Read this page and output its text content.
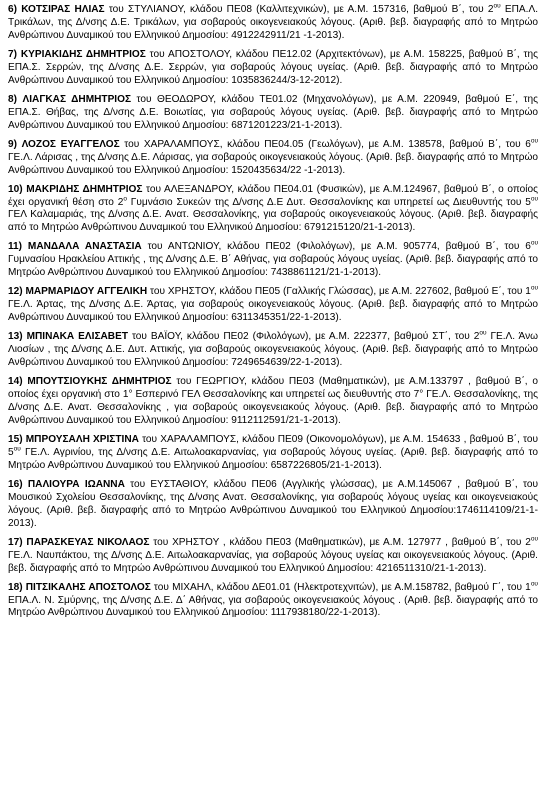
6) ΚΟΤΣΙΡΑΣ ΗΛΙΑΣ του ΣΤΥΛΙΑΝΟΥ, κλάδου ΠΕ08 (Καλλιτεχνικών), με Α.Μ. 157316, βαθμού Β΄, του $2^{o\upsilon}$ ΕΠΑ.Λ. Τρικάλων, της Δ/νσης Δ.Ε. Τρικάλων, για σοβαρούς οικογενειακούς λόγους. (Αριθ. βεβ. διαγραφής από το Μητρώο Ανθρώπινου Δυναμικού του Ελληνικού Δημοσίου: 4912242911/21 -1-2013).

7) ΚΥΡΙΑΚΙΔΗΣ ΔΗΜΗΤΡΙΟΣ του ΑΠΟΣΤΟΛΟΥ, κλάδου ΠΕ12.02 (Αρχιτεκτόνων), με Α.Μ. 158225, βαθμού Β΄, της ΕΠΑ.Σ. Σερρών, της Δ/νσης Δ.Ε. Σερρών, για σοβαρούς λόγους υγείας. (Αριθ. βεβ. διαγραφής από το Μητρώο Ανθρώπινου Δυναμικού του Ελληνικού Δημοσίου: 1035836244/3-12-2012).

8) ΛΙΑΓΚΑΣ ΔΗΜΗΤΡΙΟΣ του ΘΕΟΔΩΡΟΥ, κλάδου ΤΕ01.02 (Μηχανολόγων), με Α.Μ. 220949, βαθμού Ε΄, της ΕΠΑ.Σ. Θήβας, της Δ/νσης Δ.Ε. Βοιωτίας, για σοβαρούς λόγους υγείας. (Αριθ. βεβ. διαγραφής από το Μητρώο Ανθρώπινου Δυναμικού του Ελληνικού Δημοσίου: 6871201223/21-1-2013).

9) ΛΟΖΟΣ ΕΥΑΓΓΕΛΟΣ του ΧΑΡΑΛΑΜΠΟΥΣ, κλάδου ΠΕ04.05 (Γεωλόγων), με Α.Μ. 138578, βαθμού Β΄, του $6^{o\upsilon}$ ΓΕ.Λ. Λάρισας , της Δ/νσης Δ.Ε. Λάρισας, για σοβαρούς οικογενειακούς λόγους. (Αριθ. βεβ. διαγραφής από το Μητρώο Ανθρώπινου Δυναμικού του Ελληνικού Δημοσίου: 1520435634/22 -1-2013).

10) ΜΑΚΡΙΔΗΣ ΔΗΜΗΤΡΙΟΣ του ΑΛΕΞΑΝΔΡΟΥ, κλάδου ΠΕ04.01 (Φυσικών), με Α.Μ.124967, βαθμού Β΄, ο οποίος έχει οργανική θέση στο $2^o$ Γυμνάσιο Συκεών της Δ/νσης Δ.Ε Δυτ. Θεσσαλονίκης και υπηρετεί ως Διευθυντής του $5^{o\upsilon}$ ΓΕΛ Καλαμαριάς, της Δ/νσης Δ.Ε. Ανατ. Θεσσαλονίκης, για σοβαρούς οικογενειακούς λόγους. (Αριθ. βεβ. διαγραφής από το Μητρώο Ανθρώπινου Δυναμικού του Ελληνικού Δημοσίου: 6791215120/21-1-2013).

11) ΜΑΝΔΑΛΑ ΑΝΑΣΤΑΣΙΑ του ΑΝΤΩΝΙΟΥ, κλάδου ΠΕ02 (Φιλολόγων), με Α.Μ. 905774, βαθμού Β΄, του $6^{o\upsilon}$ Γυμνασίου Ηρακλείου Αττικής , της Δ/νσης Δ.Ε. Β΄ Αθήνας, για σοβαρούς λόγους υγείας. (Αριθ. βεβ. διαγραφής από το Μητρώο Ανθρώπινου Δυναμικού του Ελληνικού Δημοσίου: 7438861121/21-1-2013).

12) ΜΑΡΜΑΡΙΔΟΥ ΑΓΓΕΛΙΚΗ του ΧΡΗΣΤΟΥ, κλάδου ΠΕ05 (Γαλλικής Γλώσσας), με Α.Μ. 227602, βαθμού Ε΄, του $1^{o\upsilon}$ ΓΕ.Λ. Άρτας, της Δ/νσης Δ.Ε. Άρτας, για σοβαρούς οικογενειακούς λόγους. (Αριθ. βεβ. διαγραφής από το Μητρώο Ανθρώπινου Δυναμικού του Ελληνικού Δημοσίου: 6311345351/22-1-2013).

13) ΜΠΙΝΑΚΑ ΕΛΙΣΑΒΕΤ του ΒΑΪΟΥ, κλάδου ΠΕ02 (Φιλολόγων), με Α.Μ. 222377, βαθμού ΣΤ΄, του $2^{o\upsilon}$ ΓΕ.Λ. Άνω Λιοσίων , της Δ/νσης Δ.Ε. Δυτ. Αττικής, για σοβαρούς οικογενειακούς λόγους. (Αριθ. βεβ. διαγραφής από το Μητρώο Ανθρώπινου Δυναμικού του Ελληνικού Δημοσίου: 7249654639/22-1-2013).

14) ΜΠΟΥΤΣΙΟΥΚΗΣ ΔΗΜΗΤΡΙΟΣ του ΓΕΩΡΓΙΟΥ, κλάδου ΠΕ03 (Μαθηματικών), με Α.Μ.133797 , βαθμού Β΄, ο οποίος έχει οργανική στο 1° Εσπερινό ΓΕΛ Θεσσαλονίκης και υπηρετεί ως διευθυντής στο 7° ΓΕ.Λ. Θεσσαλονίκης, της Δ/νσης Δ.Ε. Ανατ. Θεσσαλονίκης , για σοβαρούς οικογενειακούς λόγους. (Αριθ. βεβ. διαγραφής από το Μητρώο Ανθρώπινου Δυναμικού του Ελληνικού Δημοσίου: 9112112591/21-1-2013).

15) ΜΠΡΟΥΣΑΛΗ ΧΡΙΣΤΙΝΑ του ΧΑΡΑΛΑΜΠΟΥΣ, κλάδου ΠΕ09 (Οικονομολόγων), με Α.Μ. 154633 , βαθμού Β΄, του $5^{o\upsilon}$ ΓΕ.Λ. Αγρινίου, της Δ/νσης Δ.Ε. Αιτωλοακαρνανίας, για σοβαρούς λόγους υγείας. (Αριθ. βεβ. διαγραφής από το Μητρώο Ανθρώπινου Δυναμικού του Ελληνικού Δημοσίου: 6587226805/21-1-2013).

16) ΠΑΛΙΟΥΡΑ ΙΩΑΝΝΑ του ΕΥΣΤΑΘΙΟΥ, κλάδου ΠΕ06 (Αγγλικής γλώσσας), με Α.Μ.145067 , βαθμού Β΄, του Μουσικού Σχολείου Θεσσαλονίκης, της Δ/νσης Ανατ. Θεσσαλονίκης, για σοβαρούς λόγους υγείας και οικογενειακούς λόγους. (Αριθ. βεβ. διαγραφής από το Μητρώο Ανθρώπινου Δυναμικού του Ελληνικού Δημοσίου:1746114109/21-1-2013).

17) ΠΑΡΑΣΚΕΥΑΣ ΝΙΚΟΛΑΟΣ του ΧΡΗΣΤΟΥ , κλάδου ΠΕ03 (Μαθηματικών), με Α.Μ. 127977 , βαθμού Β΄, του $2^{o\upsilon}$ ΓΕ.Λ. Ναυπάκτου, της Δ/νσης Δ.Ε. Αιτωλοακαρνανίας, για σοβαρούς λόγους υγείας και οικογενειακούς λόγους. (Αριθ. βεβ. διαγραφής από το Μητρώο Ανθρώπινου Δυναμικού του Ελληνικού Δημοσίου: 4216511310/21-1-2013).

18) ΠΙΤΣΙΚΑΛΗΣ ΑΠΟΣΤΟΛΟΣ του ΜΙΧΑΗΛ, κλάδου ΔΕ01.01 (Ηλεκτροτεχνιτών), με Α.Μ.158782, βαθμού Γ΄, του $1^{o\upsilon}$ ΕΠΑ.Λ. Ν. Σμύρνης, της Δ/νσης Δ.Ε. Δ΄ Αθήνας, για σοβαρούς οικογενειακούς λόγους . (Αριθ. βεβ. διαγραφής από το Μητρώο Ανθρώπινου Δυναμικού του Ελληνικού Δημοσίου: 1117938180/22-1-2013).
